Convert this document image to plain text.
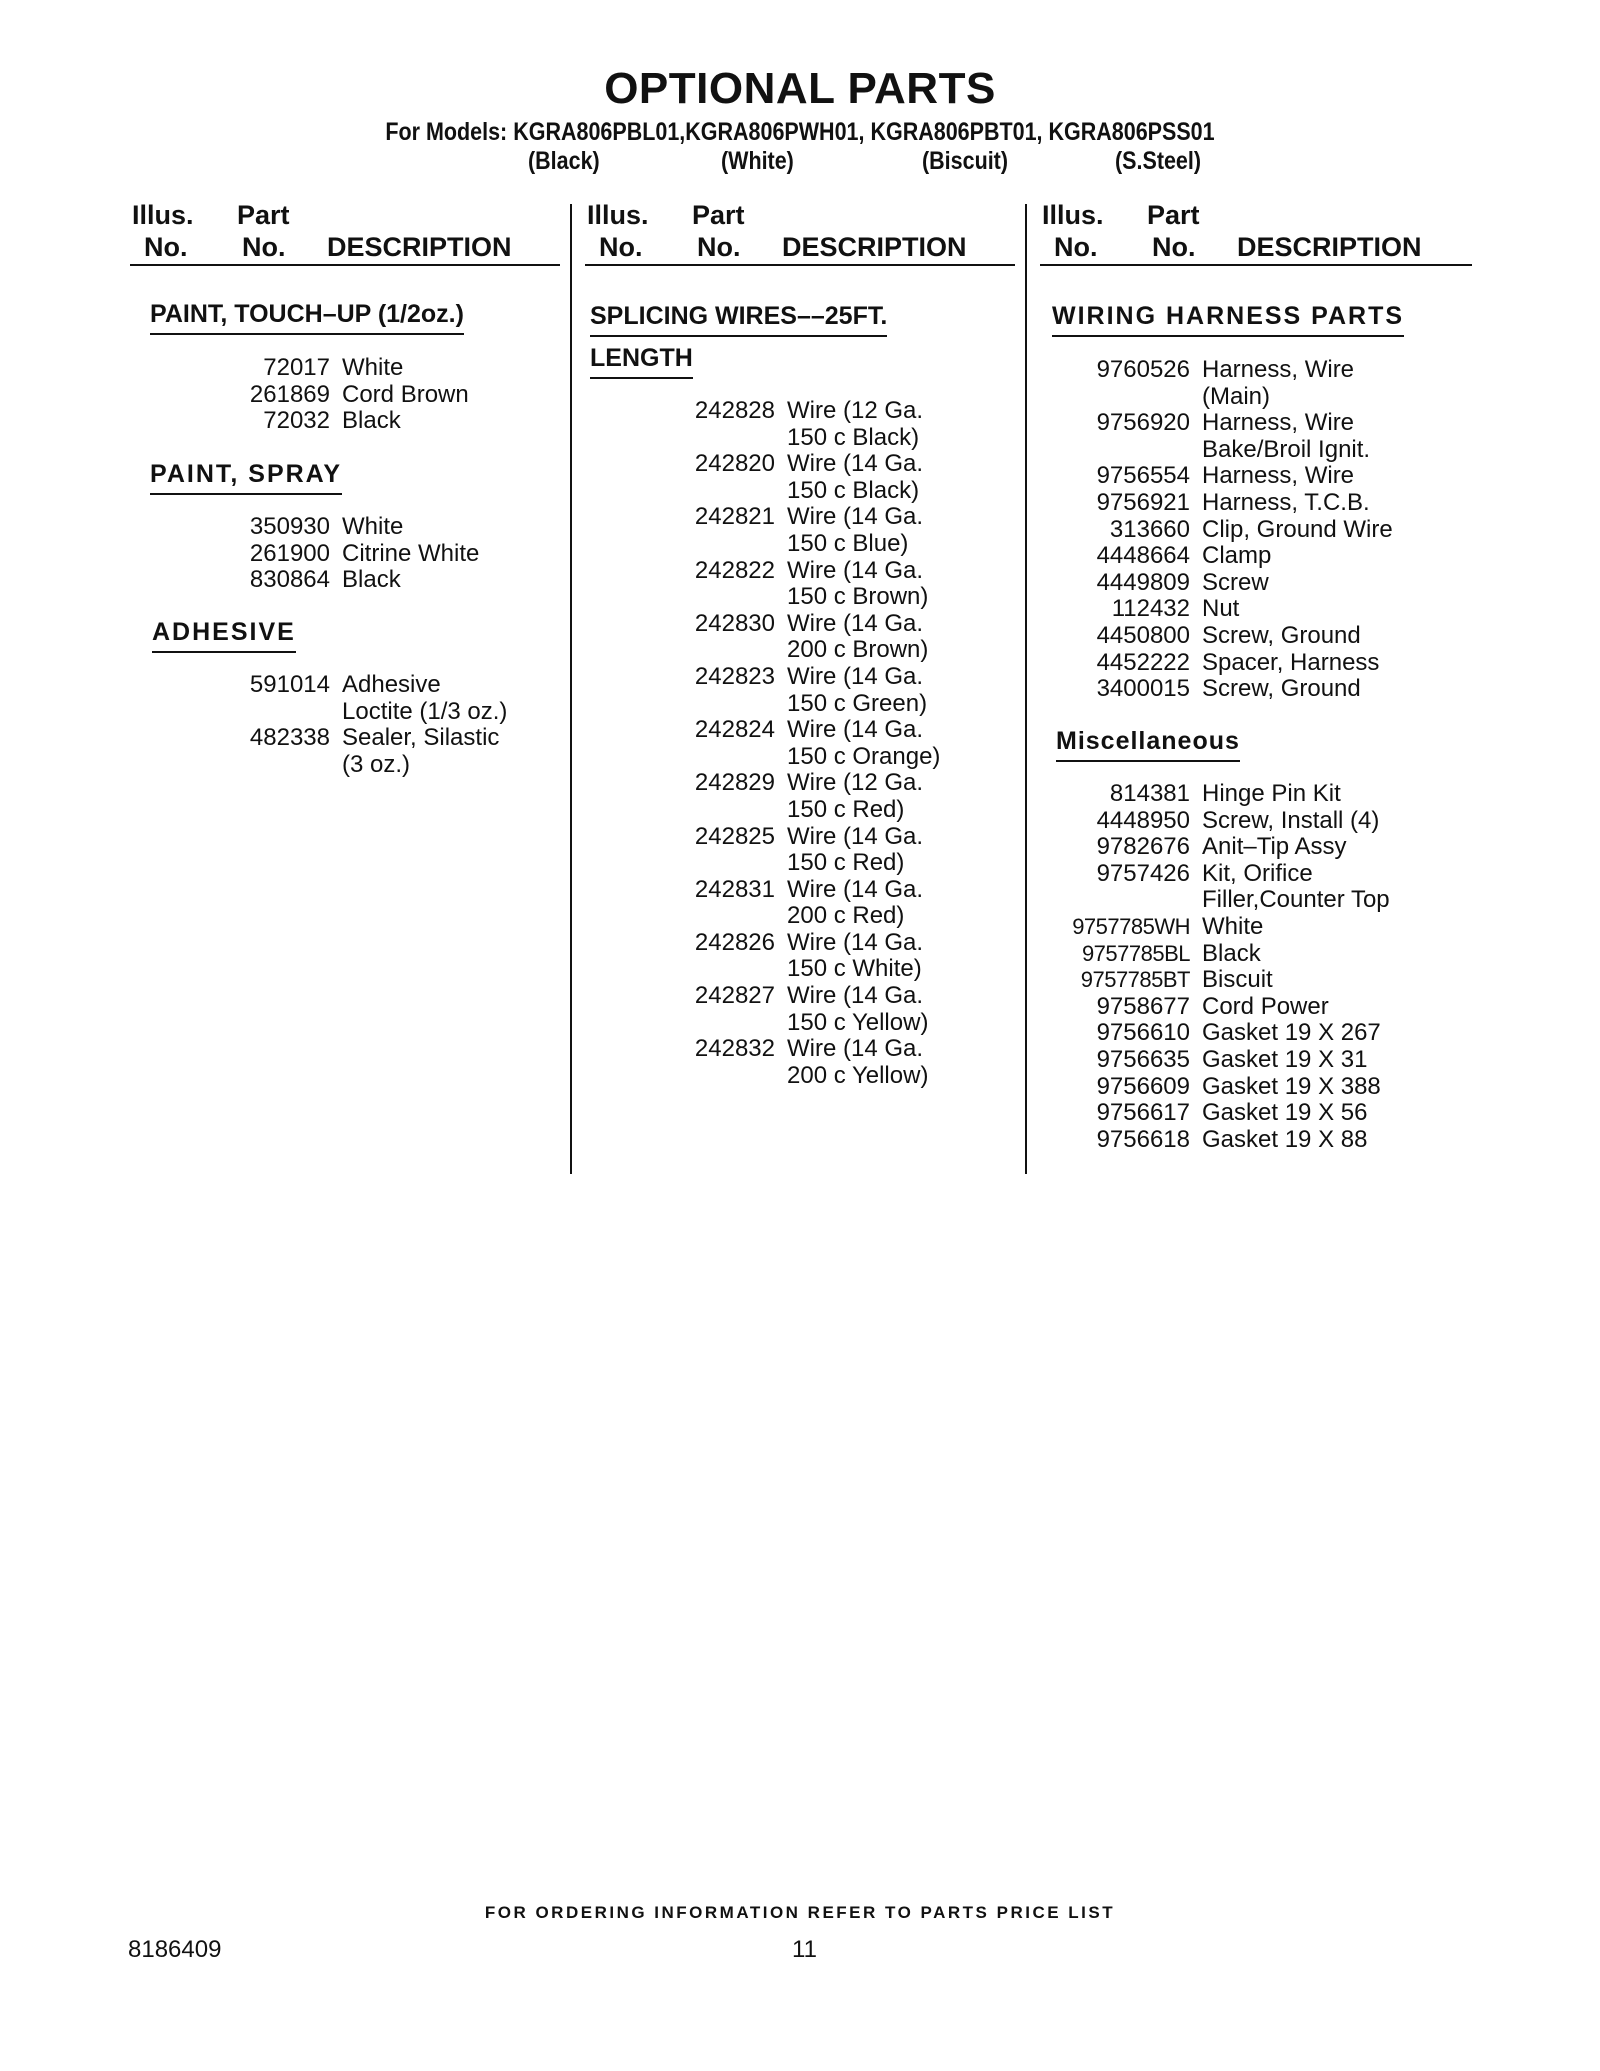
OPTIONAL PARTS
For Models: KGRA806PBL01,KGRA806PWH01, KGRA806PBT01, KGRA806PSS01
(Black)	(White)	(Biscuit)	(S.Steel)
Illus.
No.
Part
No. DESCRIPTION
Illus.
No.
Part
No. DESCRIPTION
Illus.
No.
Part
No. DESCRIPTION
PAINT, TOUCH–UP (1/2oz.)
72017 White
261869 Cord Brown
72032 Black
PAINT, SPRAY
350930 White
261900 Citrine White
830864 Black
ADHESIVE
591014 Adhesive
Loctite (1/3 oz.)
482338 Sealer, Silastic
(3 oz.)
SPLICING WIRES––25FT.
LENGTH
242828 Wire (12 Ga.
150 c Black)
242820 Wire (14 Ga.
150 c Black)
242821 Wire (14 Ga.
150 c Blue)
242822 Wire (14 Ga.
150 c Brown)
242830 Wire (14 Ga.
200 c Brown)
242823 Wire (14 Ga.
150 c Green)
242824 Wire (14 Ga.
150 c Orange)
242829 Wire (12 Ga.
150 c Red)
242825 Wire (14 Ga.
150 c Red)
242831 Wire (14 Ga.
200 c Red)
242826 Wire (14 Ga.
150 c White)
242827 Wire (14 Ga.
150 c Yellow)
242832 Wire (14 Ga.
200 c Yellow)
WIRING HARNESS PARTS
9760526 Harness, Wire
(Main)
9756920 Harness, Wire
Bake/Broil Ignit.
9756554 Harness, Wire
9756921 Harness, T.C.B.
313660 Clip, Ground Wire
4448664 Clamp
4449809 Screw
112432 Nut
4450800 Screw, Ground
4452222 Spacer, Harness
3400015 Screw, Ground
Miscellaneous
814381 Hinge Pin Kit
4448950 Screw, Install (4)
9782676 Anit–Tip Assy
9757426 Kit, Orifice
Filler,Counter Top
9757785WH White
9757785BL Black
9757785BT Biscuit
9758677 Cord Power
9756610 Gasket 19 X 267
9756635 Gasket 19 X 31
9756609 Gasket 19 X 388
9756617 Gasket 19 X 56
9756618 Gasket 19 X 88
FOR ORDERING INFORMATION REFER TO PARTS PRICE LIST
8186409	11
